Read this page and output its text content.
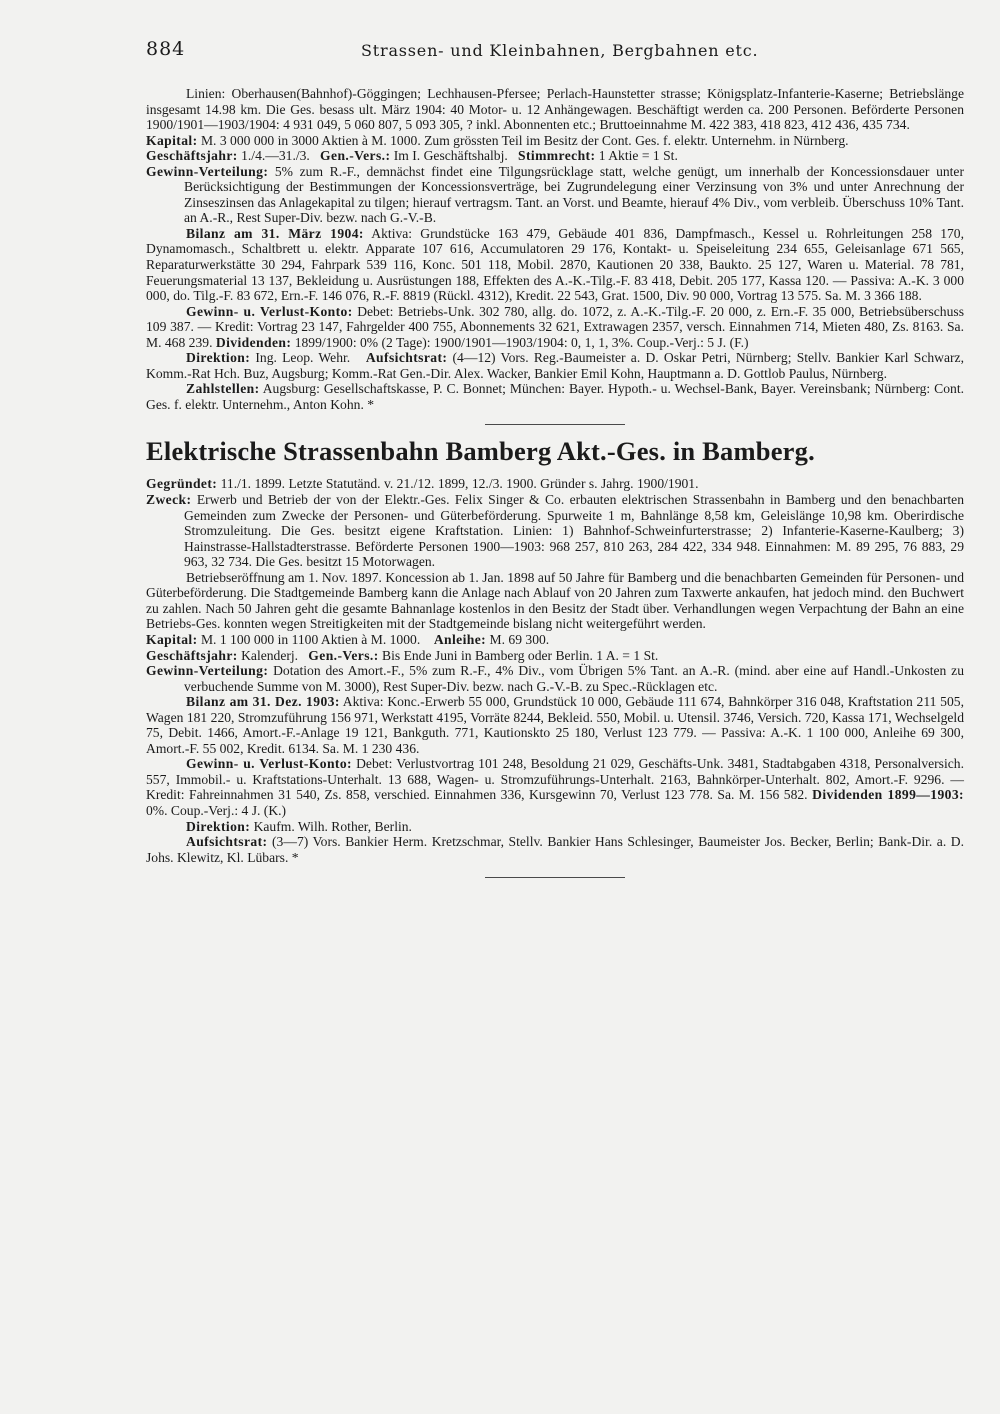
884	Strassen- und Kleinbahnen, Bergbahnen etc.

Linien: Oberhausen(Bahnhof)-Göggingen; Lechhausen-Pfersee; Perlach-Haunstetter strasse; Königsplatz-Infanterie-Kaserne; Betriebslänge insgesamt 14.98 km. Die Ges. besass ult. März 1904: 40 Motor- u. 12 Anhängewagen. Beschäftigt werden ca. 200 Personen. Beförderte Personen 1900/1901—1903/1904: 4 931 049, 5 060 807, 5 093 305, ? inkl. Abonnenten etc.; Bruttoeinnahme M. 422 383, 418 823, 412 436, 435 734.

Kapital: M. 3 000 000 in 3000 Aktien à M. 1000. Zum grössten Teil im Besitz der Cont. Ges. f. elektr. Unternehm. in Nürnberg.

Geschäftsjahr: 1./4.—31./3. Gen.-Vers.: Im I. Geschäftshalbj. Stimmrecht: 1 Aktie = 1 St.

Gewinn-Verteilung: 5% zum R.-F., demnächst findet eine Tilgungsrücklage statt, welche genügt, um innerhalb der Koncessionsdauer unter Berücksichtigung der Bestimmungen der Koncessionsverträge, bei Zugrundelegung einer Verzinsung von 3% und unter Anrechnung der Zinseszinsen das Anlagekapital zu tilgen; hierauf vertragsm. Tant. an Vorst. und Beamte, hierauf 4% Div., vom verbleib. Überschuss 10% Tant. an A.-R., Rest Super-Div. bezw. nach G.-V.-B.

Bilanz am 31. März 1904: Aktiva: Grundstücke 163 479, Gebäude 401 836, Dampfmasch., Kessel u. Rohrleitungen 258 170, Dynamomasch., Schaltbrett u. elektr. Apparate 107 616, Accumulatoren 29 176, Kontakt- u. Speiseleitung 234 655, Geleisanlage 671 565, Reparaturwerkstätte 30 294, Fahrpark 539 116, Konc. 501 118, Mobil. 2870, Kautionen 20 338, Baukto. 25 127, Waren u. Material. 78 781, Feuerungsmaterial 13 137, Bekleidung u. Ausrüstungen 188, Effekten des A.-K.-Tilg.-F. 83 418, Debit. 205 177, Kassa 120. — Passiva: A.-K. 3 000 000, do. Tilg.-F. 83 672, Ern.-F. 146 076, R.-F. 8819 (Rückl. 4312), Kredit. 22 543, Grat. 1500, Div. 90 000, Vortrag 13 575. Sa. M. 3 366 188.

Gewinn- u. Verlust-Konto: Debet: Betriebs-Unk. 302 780, allg. do. 1072, z. A.-K.-Tilg.-F. 20 000, z. Ern.-F. 35 000, Betriebsüberschuss 109 387. — Kredit: Vortrag 23 147, Fahrgelder 400 755, Abonnements 32 621, Extrawagen 2357, versch. Einnahmen 714, Mieten 480, Zs. 8163. Sa. M. 468 239. Dividenden: 1899/1900: 0% (2 Tage): 1900/1901—1903/1904: 0, 1, 1, 3%. Coup.-Verj.: 5 J. (F.)

Direktion: Ing. Leop. Wehr. Aufsichtsrat: (4—12) Vors. Reg.-Baumeister a. D. Oskar Petri, Nürnberg; Stellv. Bankier Karl Schwarz, Komm.-Rat Hch. Buz, Augsburg; Komm.-Rat Gen.-Dir. Alex. Wacker, Bankier Emil Kohn, Hauptmann a. D. Gottlob Paulus, Nürnberg.

Zahlstellen: Augsburg: Gesellschaftskasse, P. C. Bonnet; München: Bayer. Hypoth.- u. Wechsel-Bank, Bayer. Vereinsbank; Nürnberg: Cont. Ges. f. elektr. Unternehm., Anton Kohn. *

Elektrische Strassenbahn Bamberg Akt.-Ges. in Bamberg.

Gegründet: 11./1. 1899. Letzte Statutänd. v. 21./12. 1899, 12./3. 1900. Gründer s. Jahrg. 1900/1901.

Zweck: Erwerb und Betrieb der von der Elektr.-Ges. Felix Singer & Co. erbauten elektrischen Strassenbahn in Bamberg und den benachbarten Gemeinden zum Zwecke der Personen- und Güterbeförderung. Spurweite 1 m, Bahnlänge 8,58 km, Geleislänge 10,98 km. Oberirdische Stromzuleitung. Die Ges. besitzt eigene Kraftstation. Linien: 1) Bahnhof-Schweinfurterstrasse; 2) Infanterie-Kaserne-Kaulberg; 3) Hainstrasse-Hallstadterstrasse. Beförderte Personen 1900—1903: 968 257, 810 263, 284 422, 334 948. Einnahmen: M. 89 295, 76 883, 29 963, 32 734. Die Ges. besitzt 15 Motorwagen.

Betriebseröffnung am 1. Nov. 1897. Koncession ab 1. Jan. 1898 auf 50 Jahre für Bamberg und die benachbarten Gemeinden für Personen- und Güterbeförderung. Die Stadtgemeinde Bamberg kann die Anlage nach Ablauf von 20 Jahren zum Taxwerte ankaufen, hat jedoch mind. den Buchwert zu zahlen. Nach 50 Jahren geht die gesamte Bahnanlage kostenlos in den Besitz der Stadt über. Verhandlungen wegen Verpachtung der Bahn an eine Betriebs-Ges. konnten wegen Streitigkeiten mit der Stadtgemeinde bislang nicht weitergeführt werden.

Kapital: M. 1 100 000 in 1100 Aktien à M. 1000. Anleihe: M. 69 300.

Geschäftsjahr: Kalenderj. Gen.-Vers.: Bis Ende Juni in Bamberg oder Berlin. 1 A. = 1 St.

Gewinn-Verteilung: Dotation des Amort.-F., 5% zum R.-F., 4% Div., vom Übrigen 5% Tant. an A.-R. (mind. aber eine auf Handl.-Unkosten zu verbuchende Summe von M. 3000), Rest Super-Div. bezw. nach G.-V.-B. zu Spec.-Rücklagen etc.

Bilanz am 31. Dez. 1903: Aktiva: Konc.-Erwerb 55 000, Grundstück 10 000, Gebäude 111 674, Bahnkörper 316 048, Kraftstation 211 505, Wagen 181 220, Stromzuführung 156 971, Werkstatt 4195, Vorräte 8244, Bekleid. 550, Mobil. u. Utensil. 3746, Versich. 720, Kassa 171, Wechselgeld 75, Debit. 1466, Amort.-F.-Anlage 19 121, Bankguth. 771, Kautionskto 25 180, Verlust 123 779. — Passiva: A.-K. 1 100 000, Anleihe 69 300, Amort.-F. 55 002, Kredit. 6134. Sa. M. 1 230 436.

Gewinn- u. Verlust-Konto: Debet: Verlustvortrag 101 248, Besoldung 21 029, Geschäfts-Unk. 3481, Stadtabgaben 4318, Personalversich. 557, Immobil.- u. Kraftstations-Unterhalt. 13 688, Wagen- u. Stromzuführungs-Unterhalt. 2163, Bahnkörper-Unterhalt. 802, Amort.-F. 9296. — Kredit: Fahreinnahmen 31 540, Zs. 858, verschied. Einnahmen 336, Kursgewinn 70, Verlust 123 778. Sa. M. 156 582. Dividenden 1899—1903: 0%. Coup.-Verj.: 4 J. (K.)

Direktion: Kaufm. Wilh. Rother, Berlin.

Aufsichtsrat: (3—7) Vors. Bankier Herm. Kretzschmar, Stellv. Bankier Hans Schlesinger, Baumeister Jos. Becker, Berlin; Bank-Dir. a. D. Johs. Klewitz, Kl. Lübars. *
